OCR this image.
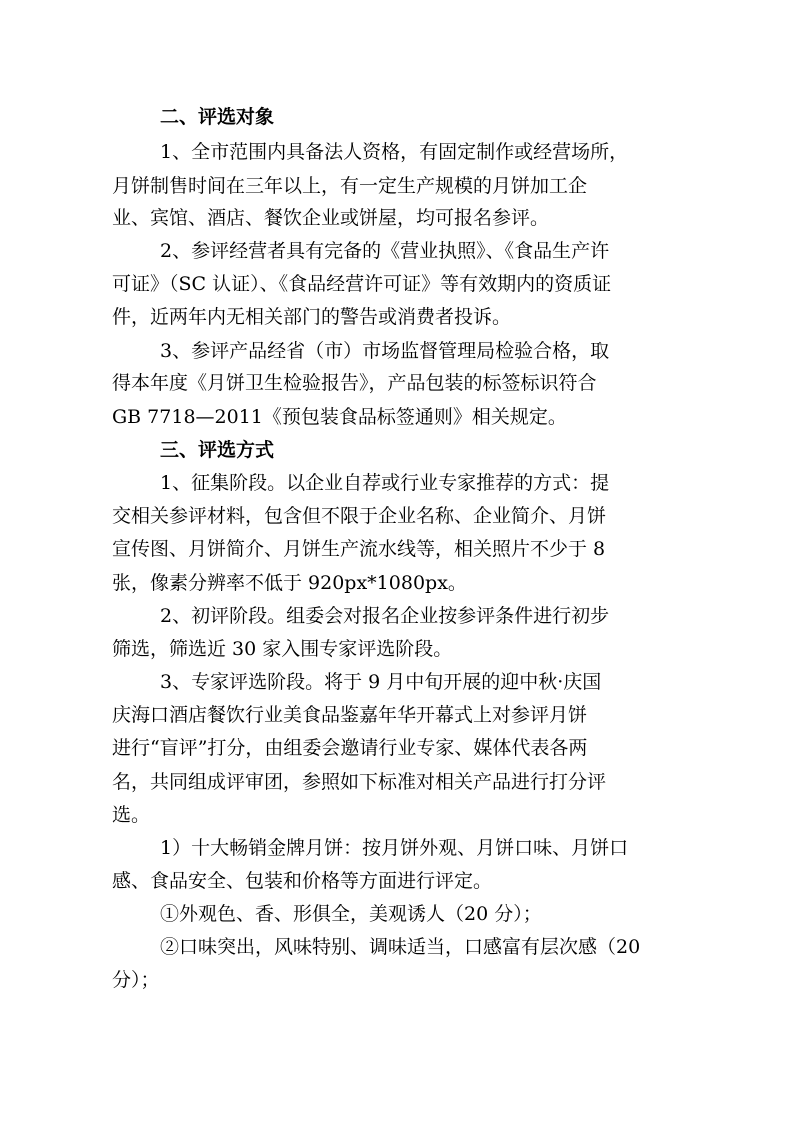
二、评选对象
1、全市范围内具备法人资格，有固定制作或经营场所，
月饼制售时间在三年以上，有一定生产规模的月饼加工企
业、宾馆、酒店、餐饮企业或饼屋，均可报名参评。
2、参评经营者具有完备的《营业执照》、《食品生产许
可证》（SC 认证）、《食品经营许可证》等有效期内的资质证
件，近两年内无相关部门的警告或消费者投诉。
3、参评产品经省（市）市场监督管理局检验合格，取
得本年度《月饼卫生检验报告》，产品包装的标签标识符合
GB 7718—2011《预包装食品标签通则》相关规定。
三、评选方式
1、征集阶段。以企业自荐或行业专家推荐的方式：提
交相关参评材料，包含但不限于企业名称、企业简介、月饼
宣传图、月饼简介、月饼生产流水线等，相关照片不少于 8
张，像素分辨率不低于 920px*1080px。
2、初评阶段。组委会对报名企业按参评条件进行初步
筛选，筛选近 30 家入围专家评选阶段。
3、专家评选阶段。将于 9 月中旬开展的迎中秋·庆国
庆海口酒店餐饮行业美食品鉴嘉年华开幕式上对参评月饼
进行“盲评”打分，由组委会邀请行业专家、媒体代表各两
名，共同组成评审团，参照如下标准对相关产品进行打分评
选。
1）十大畅销金牌月饼：按月饼外观、月饼口味、月饼口
感、食品安全、包装和价格等方面进行评定。
①外观色、香、形俱全，美观诱人（20 分）；
②口味突出，风味特别、调味适当，口感富有层次感（20
分）；
